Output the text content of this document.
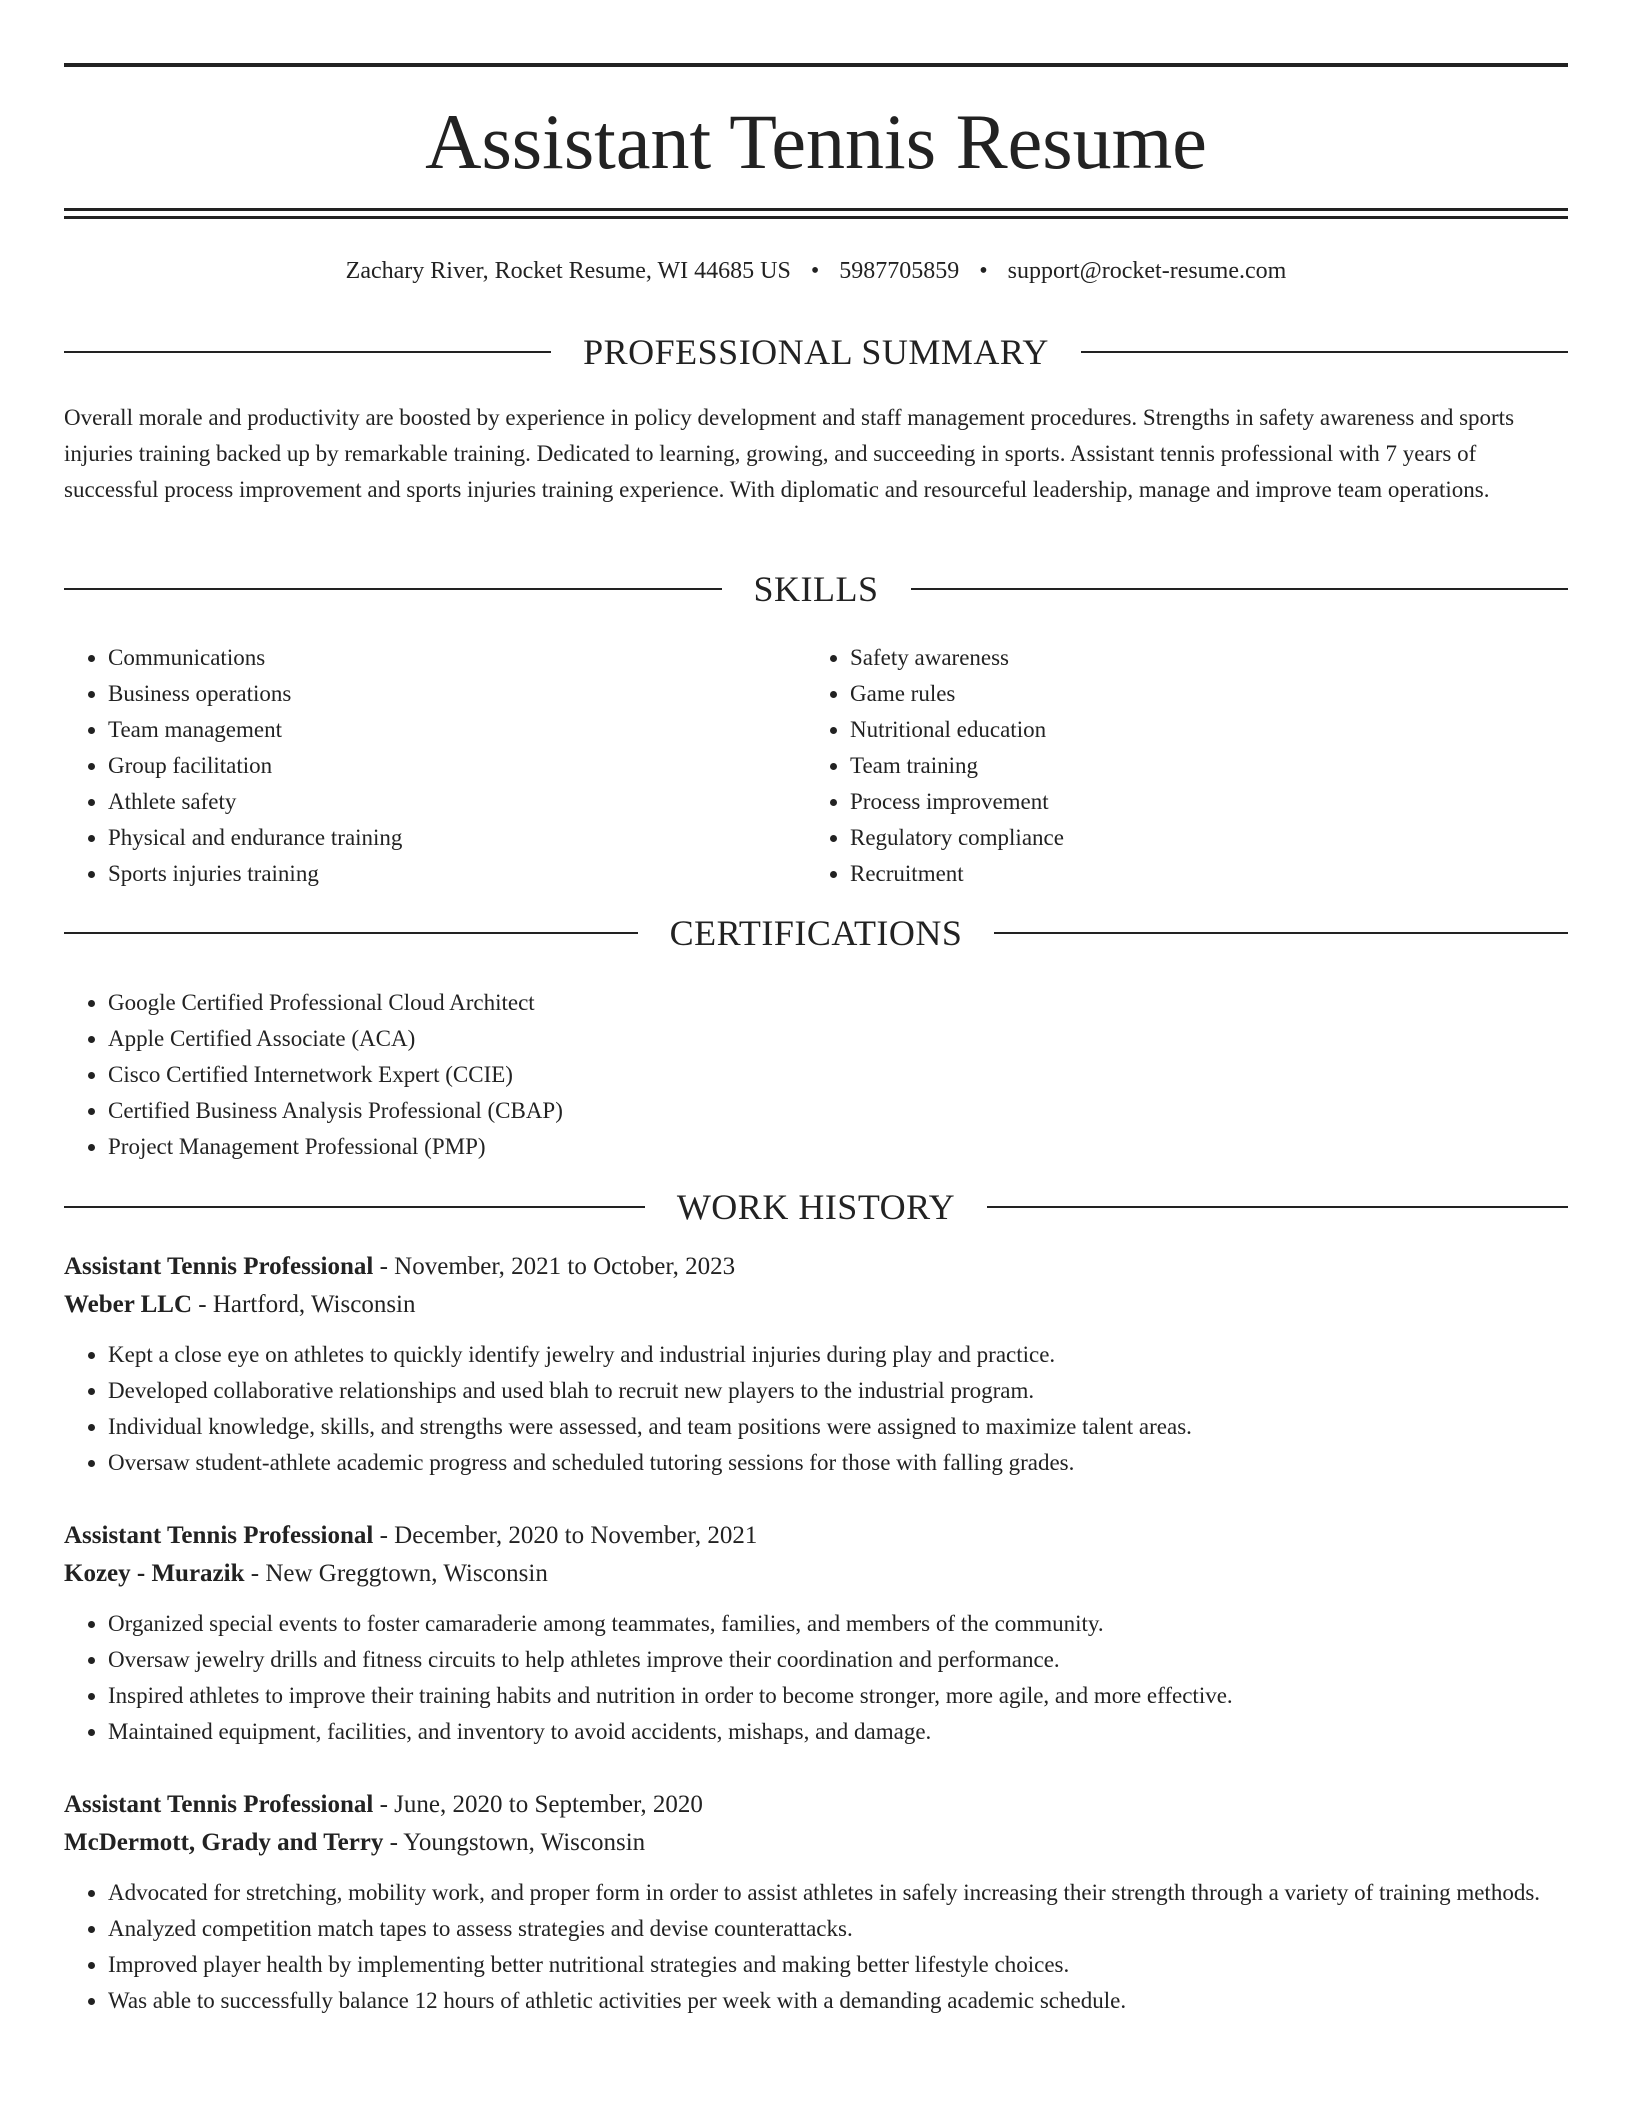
Assistant Tennis Resume
Zachary River, Rocket Resume, WI 44685 US • 5987705859 • support@rocket-resume.com
PROFESSIONAL SUMMARY

Overall morale and productivity are boosted by experience in policy development and staff management procedures. Strengths in safety awareness and sports injuries training backed up by remarkable training. Dedicated to learning, growing, and succeeding in sports. Assistant tennis professional with 7 years of successful process improvement and sports injuries training experience. With diplomatic and resourceful leadership, manage and improve team operations.

SKILLS
• Communications
• Business operations
• Team management
• Group facilitation
• Athlete safety
• Physical and endurance training
• Sports injuries training
• Safety awareness
• Game rules
• Nutritional education
• Team training
• Process improvement
• Regulatory compliance
• Recruitment
CERTIFICATIONS
• Google Certified Professional Cloud Architect
• Apple Certified Associate (ACA)
• Cisco Certified Internetwork Expert (CCIE)
• Certified Business Analysis Professional (CBAP)
• Project Management Professional (PMP)
WORK HISTORY

Assistant Tennis Professional - November, 2021 to October, 2023

Weber LLC - Hartford, Wisconsin

• Kept a close eye on athletes to quickly identify jewelry and industrial injuries during play and practice.
• Developed collaborative relationships and used blah to recruit new players to the industrial program.
• Individual knowledge, skills, and strengths were assessed, and team positions were assigned to maximize talent areas.
• Oversaw student-athlete academic progress and scheduled tutoring sessions for those with falling grades.

Assistant Tennis Professional - December, 2020 to November, 2021

Kozey - Murazik - New Greggtown, Wisconsin

• Organized special events to foster camaraderie among teammates, families, and members of the community.
• Oversaw jewelry drills and fitness circuits to help athletes improve their coordination and performance.
• Inspired athletes to improve their training habits and nutrition in order to become stronger, more agile, and more effective.
• Maintained equipment, facilities, and inventory to avoid accidents, mishaps, and damage.

Assistant Tennis Professional - June, 2020 to September, 2020

McDermott, Grady and Terry - Youngstown, Wisconsin

• Advocated for stretching, mobility work, and proper form in order to assist athletes in safely increasing their strength through a variety of training methods.
• Analyzed competition match tapes to assess strategies and devise counterattacks.
• Improved player health by implementing better nutritional strategies and making better lifestyle choices.
• Was able to successfully balance 12 hours of athletic activities per week with a demanding academic schedule.
